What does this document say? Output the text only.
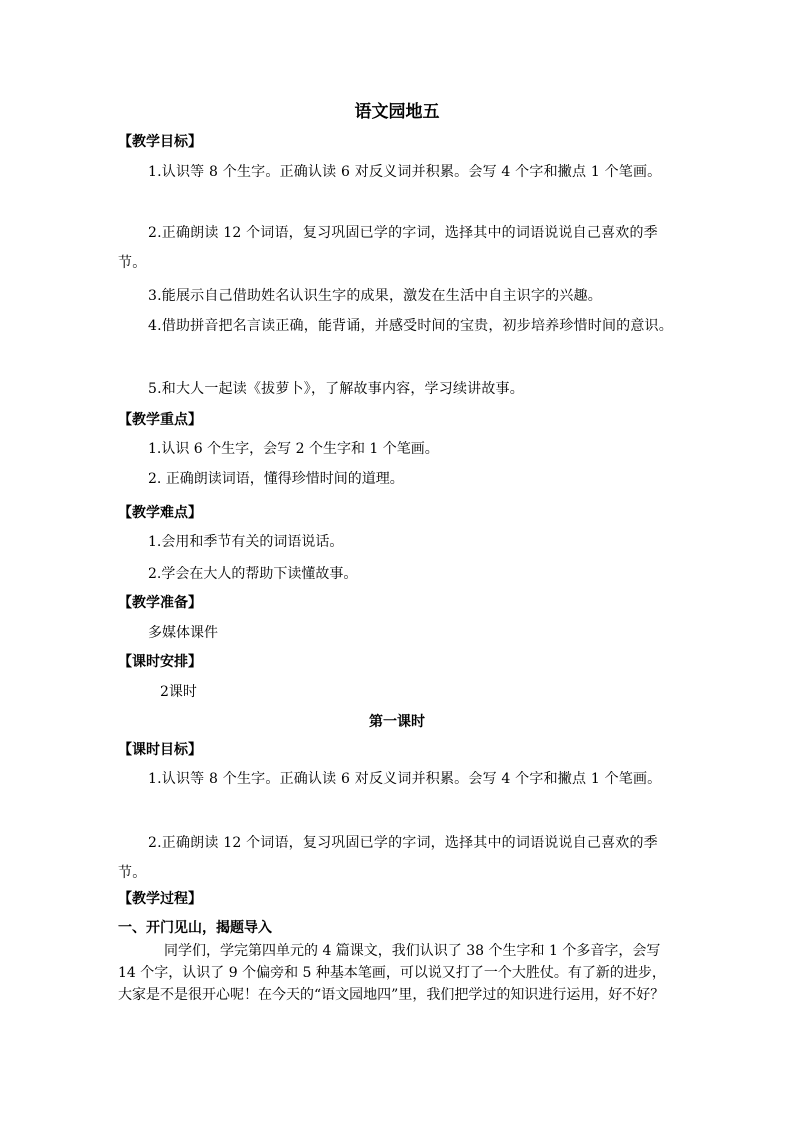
语文园地五
【教学目标】
1.认识等 8 个生字。正确认读 6 对反义词并积累。会写 4 个字和撇点 1 个笔画。
2.正确朗读 12 个词语，复习巩固已学的字词，选择其中的词语说说自己喜欢的季节。
3.能展示自己借助姓名认识生字的成果，激发在生活中自主识字的兴趣。
4.借助拼音把名言读正确，能背诵，并感受时间的宝贵，初步培养珍惜时间的意识。
5.和大人一起读《拔萝卜》，了解故事内容，学习续讲故事。
【教学重点】
1.认识 6 个生字，会写 2 个生字和 1 个笔画。
2. 正确朗读词语，懂得珍惜时间的道理。
【教学难点】
1.会用和季节有关的词语说话。
2.学会在大人的帮助下读懂故事。
【教学准备】
多媒体课件
【课时安排】
2课时
第一课时
【课时目标】
1.认识等 8 个生字。正确认读 6 对反义词并积累。会写 4 个字和撇点 1 个笔画。
2.正确朗读 12 个词语，复习巩固已学的字词，选择其中的词语说说自己喜欢的季节。
【教学过程】
一、开门见山，揭题导入
同学们，学完第四单元的 4 篇课文，我们认识了 38 个生字和 1 个多音字，会写 14 个字，认识了 9 个偏旁和 5 种基本笔画，可以说又打了一个大胜仗。有了新的进步，大家是不是很开心呢！在今天的“语文园地四”里，我们把学过的知识进行运用，好不好？
